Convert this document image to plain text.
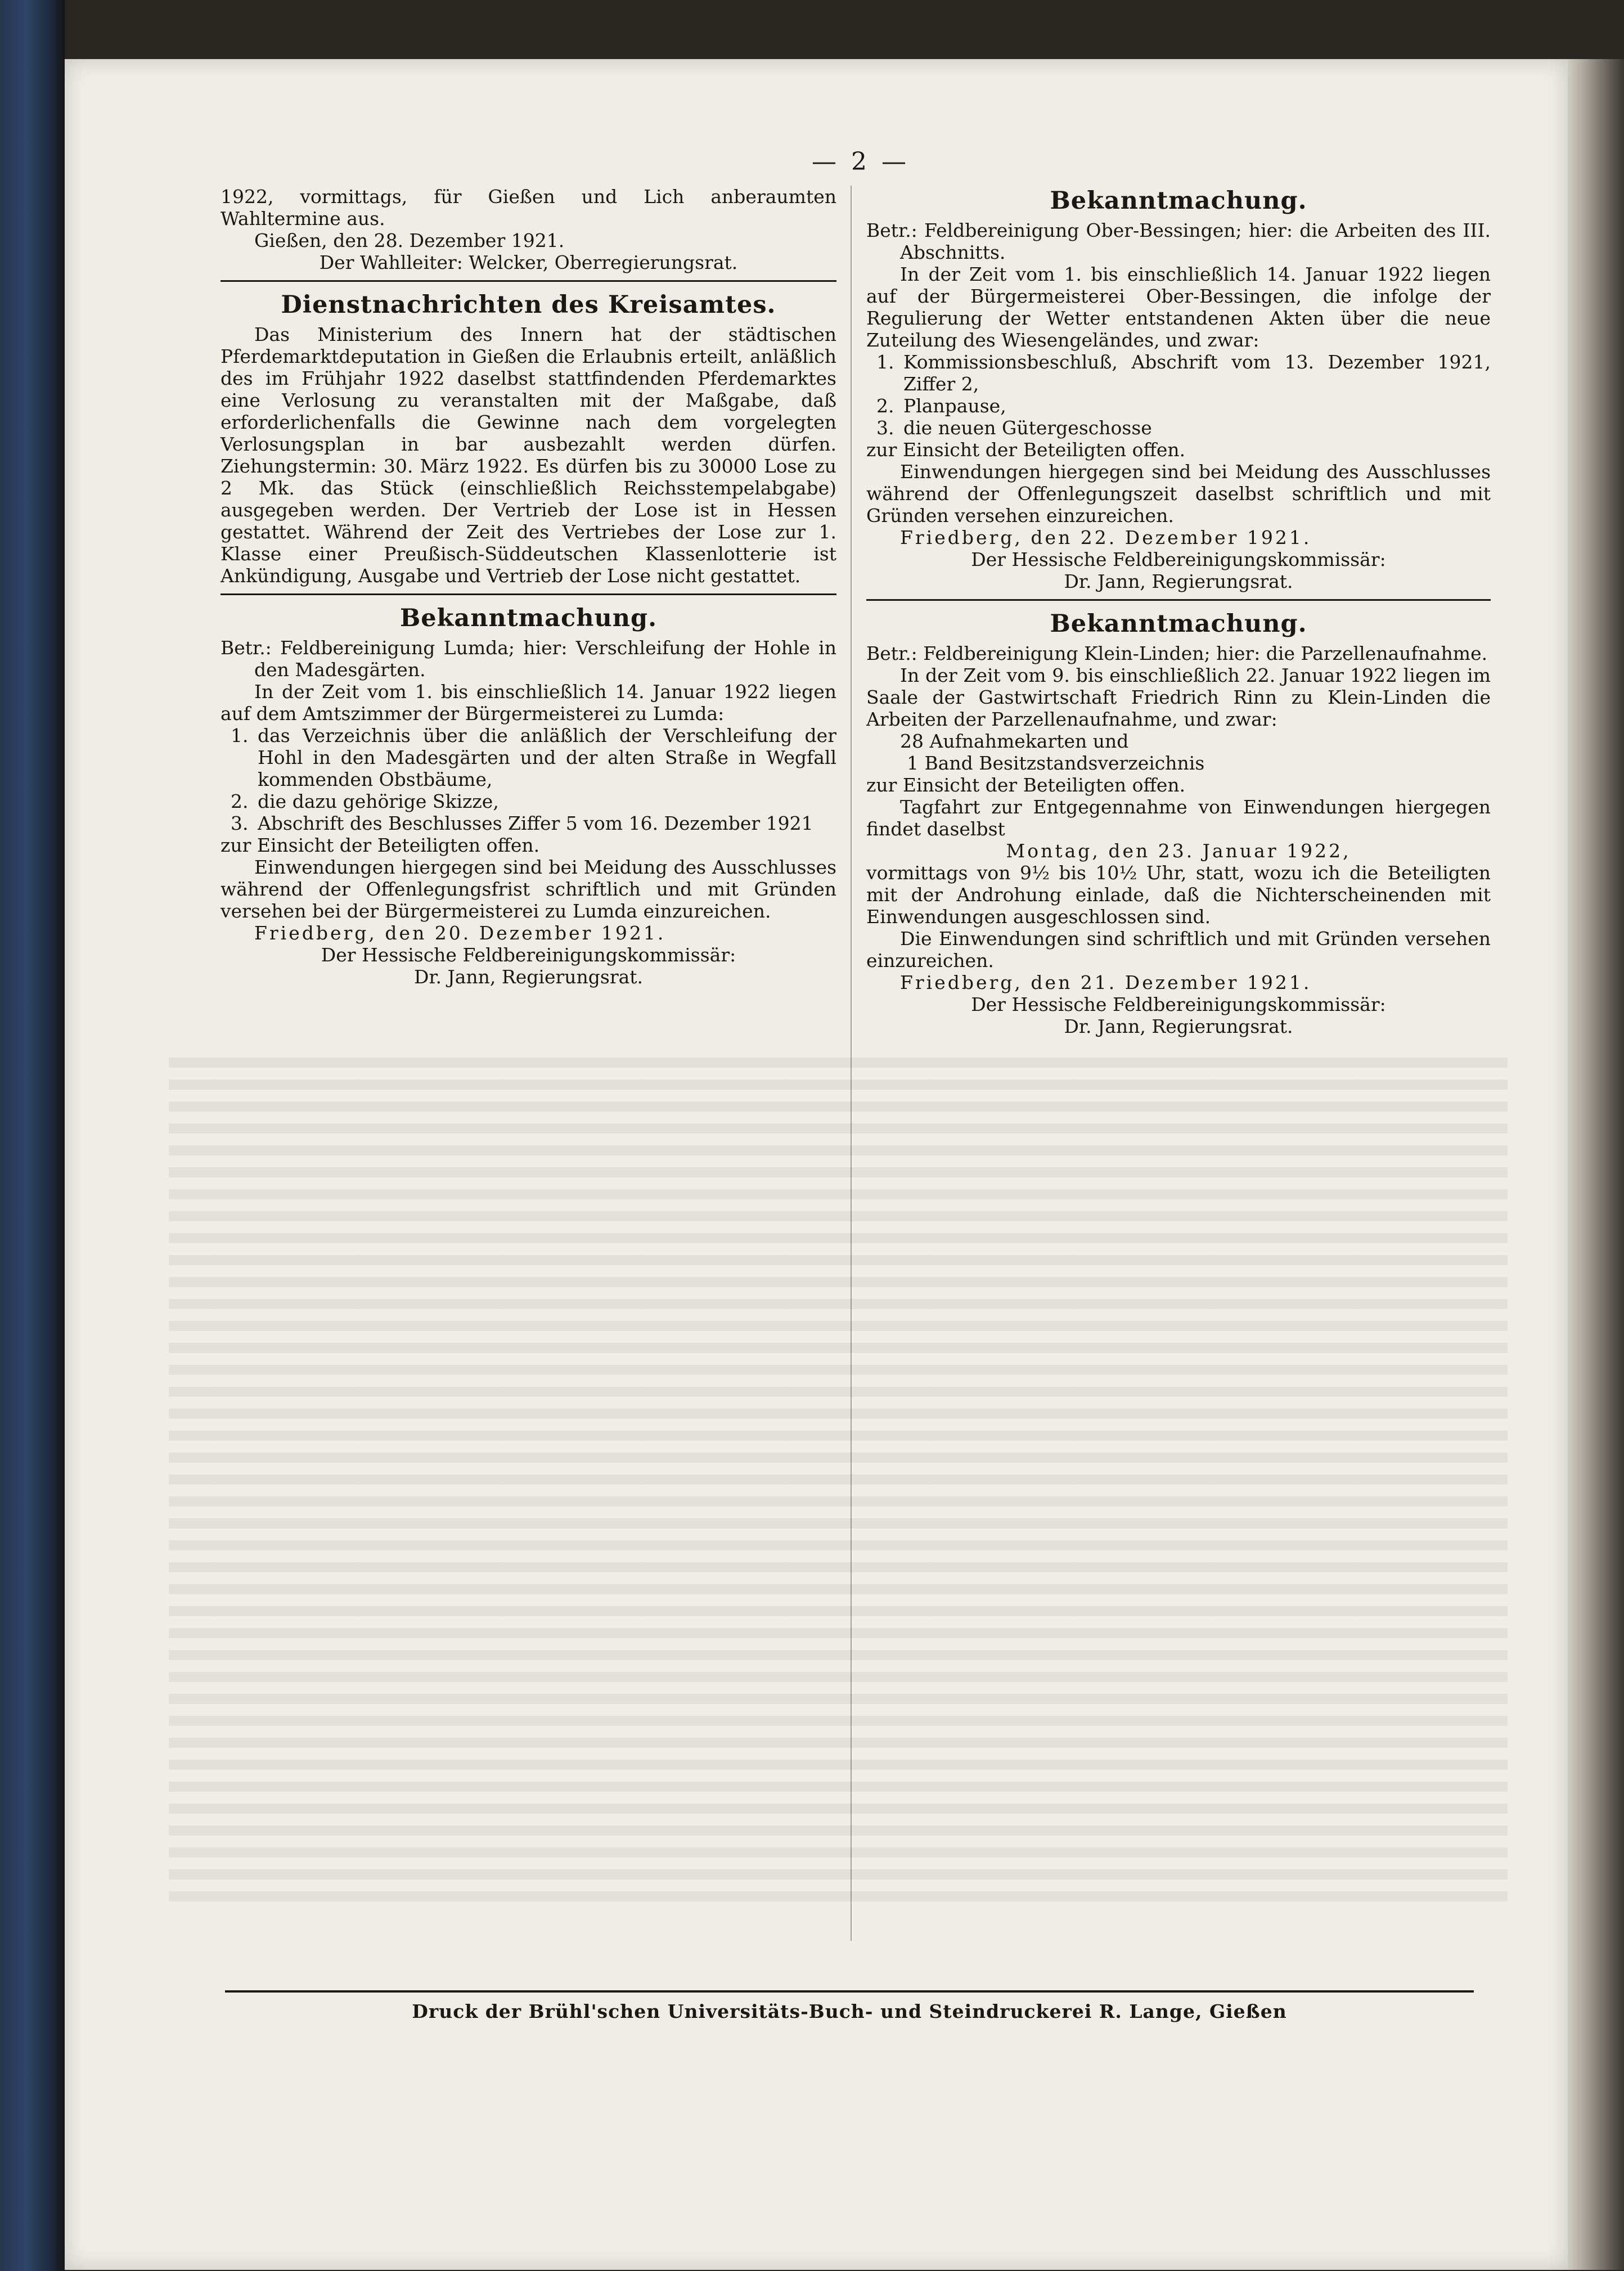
— 2 —

1922, vormittags, für Gießen und Lich anberaumten Wahltermine aus.

Gießen, den 28. Dezember 1921.

Der Wahlleiter: Welcker, Oberregierungsrat.

Dienstnachrichten des Kreisamtes.

Das Ministerium des Innern hat der städtischen Pferdemarktdeputation in Gießen die Erlaubnis erteilt, anläßlich des im Frühjahr 1922 daselbst stattfindenden Pferdemarktes eine Verlosung zu veranstalten mit der Maßgabe, daß erforderlichenfalls die Gewinne nach dem vorgelegten Verlosungsplan in bar ausbezahlt werden dürfen. Ziehungstermin: 30. März 1922. Es dürfen bis zu 30000 Lose zu 2 Mk. das Stück (einschließlich Reichsstempelabgabe) ausgegeben werden. Der Vertrieb der Lose ist in Hessen gestattet. Während der Zeit des Vertriebes der Lose zur 1. Klasse einer Preußisch-Süddeutschen Klassenlotterie ist Ankündigung, Ausgabe und Vertrieb der Lose nicht gestattet.

Bekanntmachung.

Betr.: Feldbereinigung Lumda; hier: Verschleifung der Hohle in den Madesgärten.

In der Zeit vom 1. bis einschließlich 14. Januar 1922 liegen auf dem Amtszimmer der Bürgermeisterei zu Lumda:

1. das Verzeichnis über die anläßlich der Verschleifung der Hohl in den Madesgärten und der alten Straße in Wegfall kommenden Obstbäume,
2. die dazu gehörige Skizze,
3. Abschrift des Beschlusses Ziffer 5 vom 16. Dezember 1921

zur Einsicht der Beteiligten offen.

Einwendungen hiergegen sind bei Meidung des Ausschlusses während der Offenlegungsfrist schriftlich und mit Gründen versehen bei der Bürgermeisterei zu Lumda einzureichen.

Friedberg, den 20. Dezember 1921.

Der Hessische Feldbereinigungskommissär:

Dr. Jann, Regierungsrat.

Bekanntmachung.

Betr.: Feldbereinigung Ober-Bessingen; hier: die Arbeiten des III. Abschnitts.

In der Zeit vom 1. bis einschließlich 14. Januar 1922 liegen auf der Bürgermeisterei Ober-Bessingen, die infolge der Regulierung der Wetter entstandenen Akten über die neue Zuteilung des Wiesengeländes, und zwar:

1. Kommissionsbeschluß, Abschrift vom 13. Dezember 1921, Ziffer 2,
2. Planpause,
3. die neuen Gütergeschosse

zur Einsicht der Beteiligten offen.

Einwendungen hiergegen sind bei Meidung des Ausschlusses während der Offenlegungszeit daselbst schriftlich und mit Gründen versehen einzureichen.

Friedberg, den 22. Dezember 1921.

Der Hessische Feldbereinigungskommissär:

Dr. Jann, Regierungsrat.

Bekanntmachung.

Betr.: Feldbereinigung Klein-Linden; hier: die Parzellenaufnahme.

In der Zeit vom 9. bis einschließlich 22. Januar 1922 liegen im Saale der Gastwirtschaft Friedrich Rinn zu Klein-Linden die Arbeiten der Parzellenaufnahme, und zwar:

28 Aufnahmekarten und

1 Band Besitzstandsverzeichnis

zur Einsicht der Beteiligten offen.

Tagfahrt zur Entgegennahme von Einwendungen hiergegen findet daselbst

Montag, den 23. Januar 1922,

vormittags von 9½ bis 10½ Uhr, statt, wozu ich die Beteiligten mit der Androhung einlade, daß die Nichterscheinenden mit Einwendungen ausgeschlossen sind.

Die Einwendungen sind schriftlich und mit Gründen versehen einzureichen.

Friedberg, den 21. Dezember 1921.

Der Hessische Feldbereinigungskommissär:

Dr. Jann, Regierungsrat.

Druck der Brühl'schen Universitäts-Buch- und Steindruckerei R. Lange, Gießen
